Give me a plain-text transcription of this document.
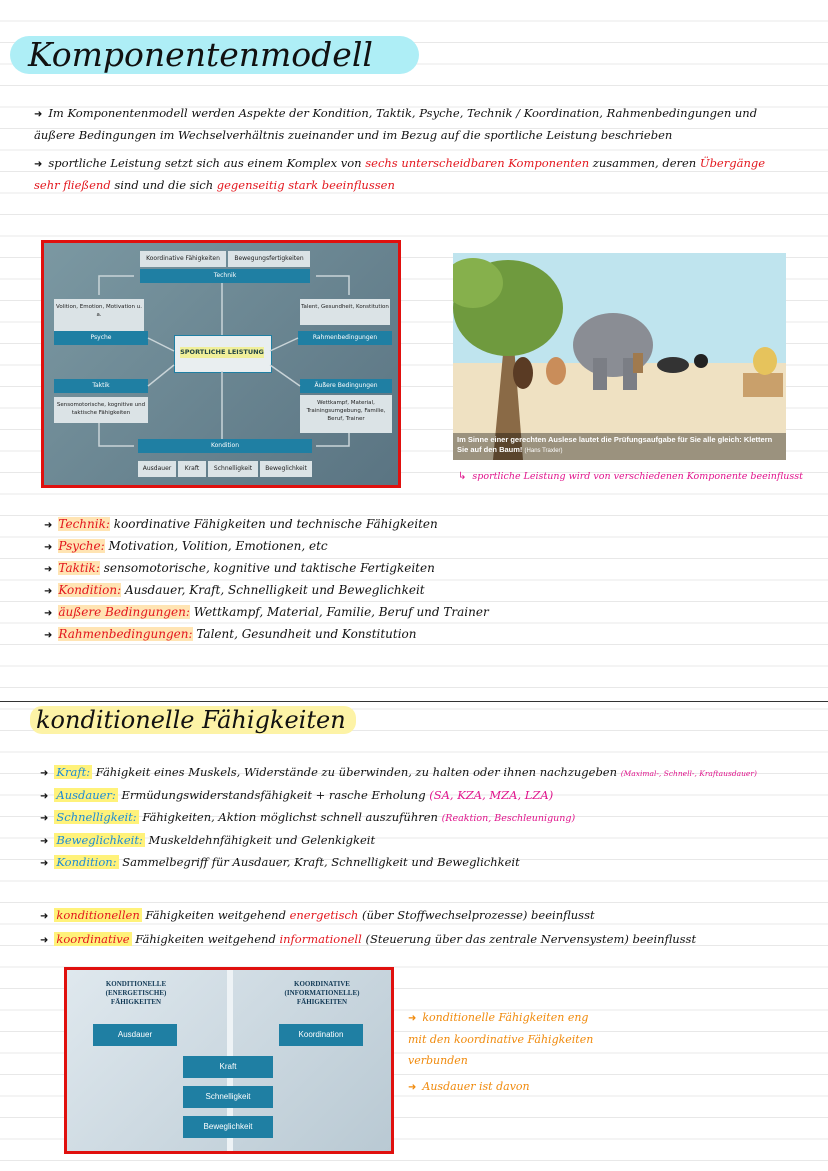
Komponentenmodell
➜ Im Komponentenmodell werden Aspekte der Kondition, Taktik, Psyche, Technik / Koordination, Rahmenbedingungen und äußere Bedingungen im Wechselverhältnis zueinander und im Bezug auf die sportliche Leistung beschrieben
➜ sportliche Leistung setzt sich aus einem Komplex von sechs unterscheidbaren Komponenten zusammen, deren Übergänge sehr fließend sind und die sich gegenseitig stark beeinflussen
Koordinative Fähigkeiten	Bewegungsfertigkeiten
Technik
Volition, Emotion, Motivation u. a.
Psyche
Talent, Gesundheit, Konstitution
Rahmenbedingungen
SPORTLICHE LEISTUNG
Taktik
Sensomotorische, kognitive und taktische Fähigkeiten
Äußere Bedingungen
Wettkampf, Material, Trainingsumgebung, Familie, Beruf, Trainer
Kondition
Ausdauer	Kraft	Schnelligkeit	Beweglichkeit
Im Sinne einer gerechten Auslese lautet die Prüfungsaufgabe für Sie alle gleich: Klettern Sie auf den Baum! (Hans Traxler)
↳ sportliche Leistung wird von verschiedenen Komponente beeinflusst
➜ Technik: koordinative Fähigkeiten und technische Fähigkeiten
➜ Psyche: Motivation, Volition, Emotionen, etc
➜ Taktik: sensomotorische, kognitive und taktische Fertigkeiten
➜ Kondition: Ausdauer, Kraft, Schnelligkeit und Beweglichkeit
➜ äußere Bedingungen: Wettkampf, Material, Familie, Beruf und Trainer
➜ Rahmenbedingungen: Talent, Gesundheit und Konstitution
konditionelle Fähigkeiten
➜ Kraft: Fähigkeit eines Muskels, Widerstände zu überwinden, zu halten oder ihnen nachzugeben (Maximal-, Schnell-, Kraftausdauer)
➜ Ausdauer: Ermüdungswiderstandsfähigkeit + rasche Erholung (SA, KZA, MZA, LZA)
➜ Schnelligkeit: Fähigkeiten, Aktion möglichst schnell auszuführen (Reaktion, Beschleunigung)
➜ Beweglichkeit: Muskeldehnfähigkeit und Gelenkigkeit
➜ Kondition: Sammelbegriff für Ausdauer, Kraft, Schnelligkeit und Beweglichkeit
➜ konditionellen Fähigkeiten weitgehend energetisch (über Stoffwechselprozesse) beeinflusst
➜ koordinative Fähigkeiten weitgehend informationell (Steuerung über das zentrale Nervensystem) beeinflusst
KONDITIONELLE (ENERGETISCHE) FÄHIGKEITEN
KOORDINATIVE (INFORMATIONELLE) FÄHIGKEITEN
Ausdauer	Koordination
Kraft
Schnelligkeit
Beweglichkeit
➜ konditionelle Fähigkeiten eng mit den koordinative Fähigkeiten verbunden
➜ Ausdauer ist davon
